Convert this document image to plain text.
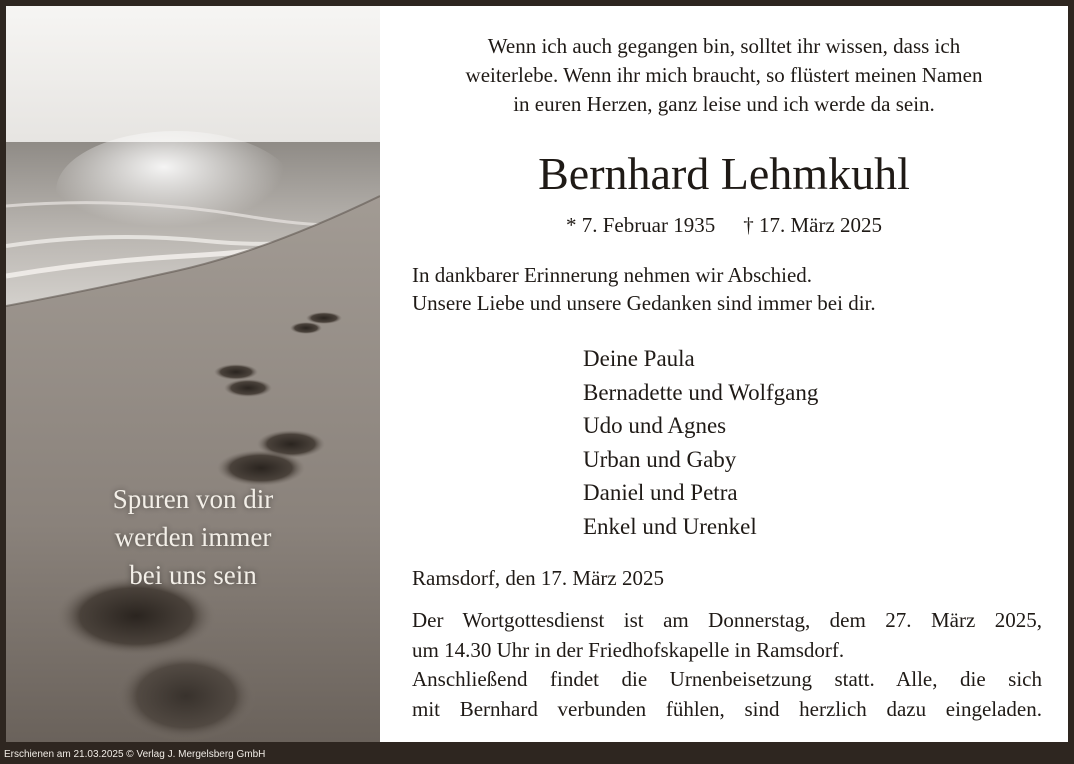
Spuren von dir
werden immer
bei uns sein
Wenn ich auch gegangen bin, solltet ihr wissen, dass ich
weiterlebe. Wenn ihr mich braucht, so flüstert meinen Namen
in euren Herzen, ganz leise und ich werde da sein.
Bernhard Lehmkuhl
* 7. Februar 1935 † 17. März 2025
In dankbarer Erinnerung nehmen wir Abschied.
Unsere Liebe und unsere Gedanken sind immer bei dir.
Deine Paula
Bernadette und Wolfgang
Udo und Agnes
Urban und Gaby
Daniel und Petra
Enkel und Urenkel
Ramsdorf, den 17. März 2025
Der Wortgottesdienst ist am Donnerstag, dem 27. März 2025,
um 14.30 Uhr in der Friedhofskapelle in Ramsdorf.
Anschließend findet die Urnenbeisetzung statt. Alle, die sich
mit Bernhard verbunden fühlen, sind herzlich dazu eingeladen.
Erschienen am 21.03.2025 © Verlag J. Mergelsberg GmbH
